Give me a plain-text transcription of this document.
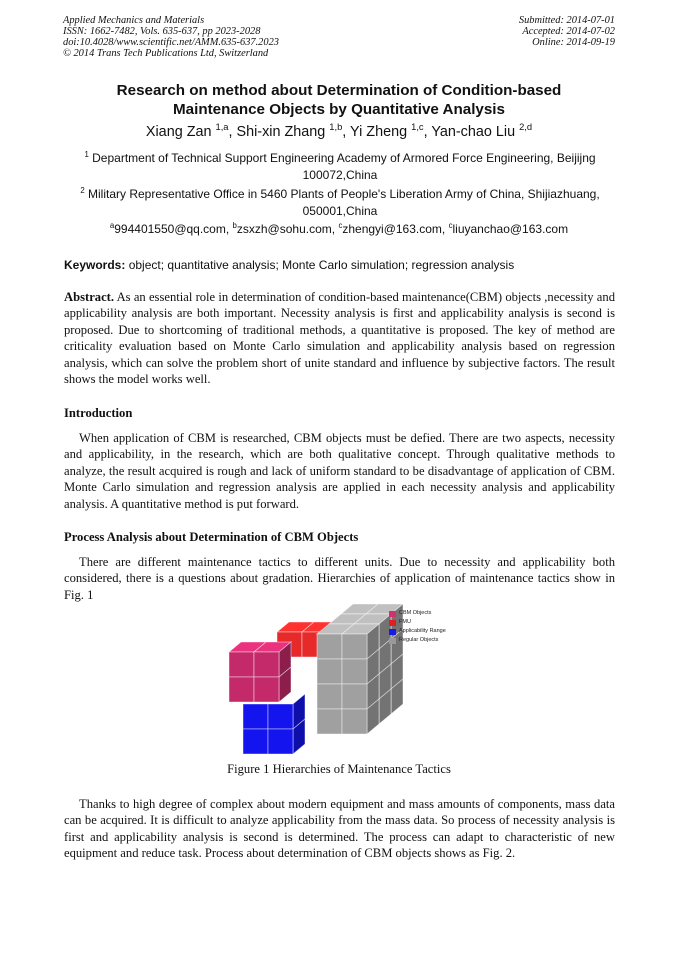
Applied Mechanics and Materials
ISSN: 1662-7482, Vols. 635-637, pp 2023-2028
doi:10.4028/www.scientific.net/AMM.635-637.2023
© 2014 Trans Tech Publications Ltd, Switzerland
Submitted: 2014-07-01
Accepted: 2014-07-02
Online: 2014-09-19
Research on method about Determination of Condition-based
Maintenance Objects by Quantitative Analysis
Xiang Zan $^{1,a}$, Shi-xin Zhang $^{1,b}$, Yi Zheng $^{1,c}$, Yan-chao Liu $^{2,d}$
$^1$ Department of Technical Support Engineering Academy of Armored Force Engineering, Beijijng 100072,China
$^2$ Military Representative Office in 5460 Plants of People's Liberation Army of China, Shijiazhuang, 050001,China
$^a$994401550@qq.com, $^b$zsxzh@sohu.com, $^c$zhengyi@163.com, $^c$liuyanchao@163.com
Keywords: object; quantitative analysis; Monte Carlo simulation; regression analysis
Abstract. As an essential role in determination of condition-based maintenance(CBM) objects ,necessity and applicability analysis are both important. Necessity analysis is first and applicability analysis is second is proposed. Due to shortcoming of traditional methods, a quantitative is proposed. The key of method are criticality evaluation based on Monte Carlo simulation and applicability analysis based on regression analysis, which can solve the problem short of unite standard and influence by subjective factors. The result shows the model works well.
Introduction
When application of CBM is researched, CBM objects must be defied. There are two aspects, necessity and applicability, in the research, which are both qualitative concept. Through qualitative methods to analyze, the result acquired is rough and lack of uniform standard to be disadvantage of application of CBM. Monte Carlo simulation and regression analysis are applied in each necessity analysis and applicability analysis. A quantitative method is put forward.
Process Analysis about Determination of CBM Objects
There are different maintenance tactics to different units. Due to necessity and applicability both considered, there is a questions about gradation. Hierarchies of application of maintenance tactics show in Fig. 1
CBM Objects
FMU
Applicability Range
Regular Objects
Figure 1 Hierarchies of Maintenance Tactics
Thanks to high degree of complex about modern equipment and mass amounts of components, mass data can be acquired. It is difficult to analyze applicability from the mass data. So process of necessity analysis is first and applicability analysis is second is determined. The process can adapt to characteristic of new equipment and reduce task. Process about determination of CBM objects shows as Fig. 2.
